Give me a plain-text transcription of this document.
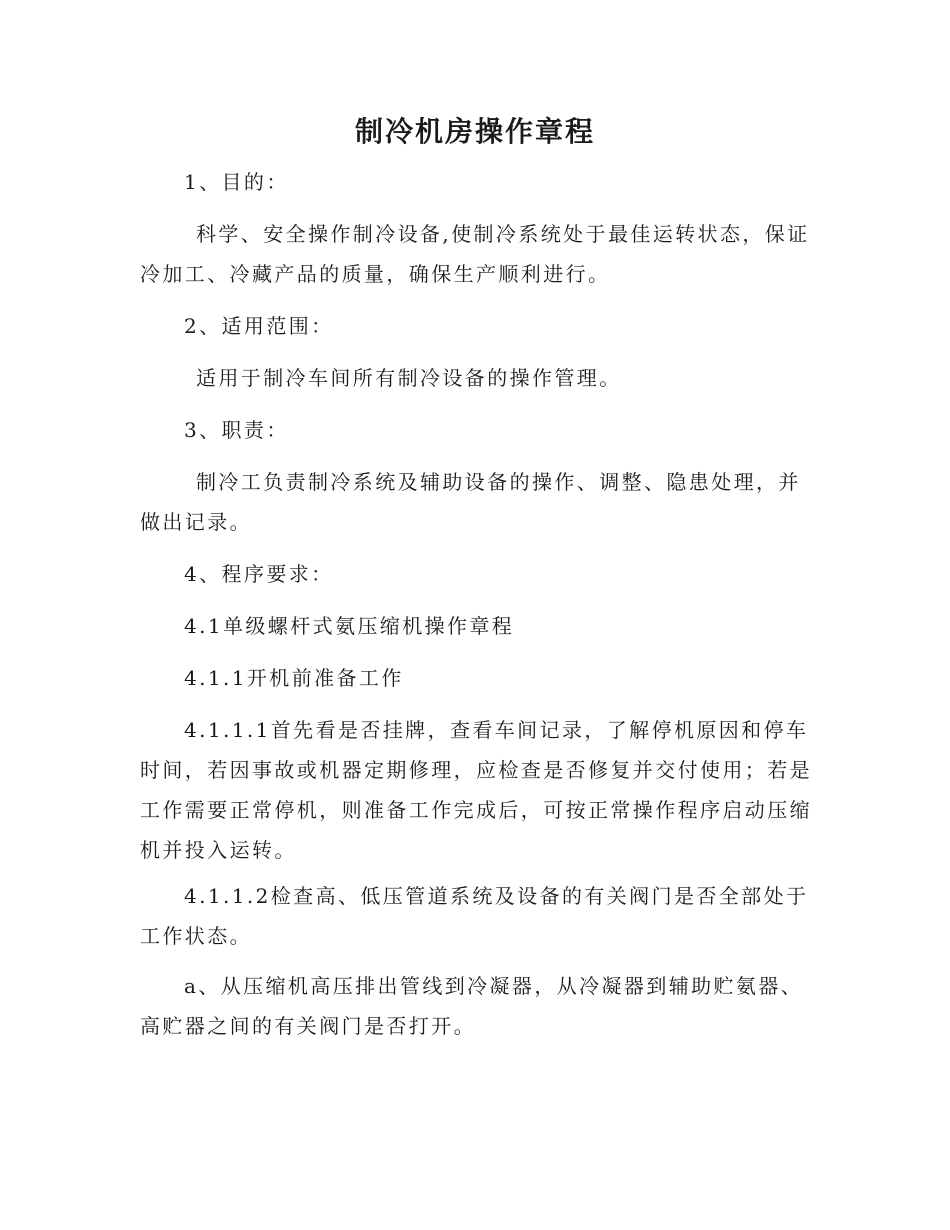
制冷机房操作章程

1、目的：

科学、安全操作制冷设备,使制冷系统处于最佳运转状态，保证冷加工、冷藏产品的质量，确保生产顺利进行。

2、适用范围：

适用于制冷车间所有制冷设备的操作管理。

3、职责：

制冷工负责制冷系统及辅助设备的操作、调整、隐患处理，并做出记录。

4、程序要求：

4.1单级螺杆式氨压缩机操作章程

4.1.1开机前准备工作

4.1.1.1首先看是否挂牌，查看车间记录，了解停机原因和停车时间，若因事故或机器定期修理，应检查是否修复并交付使用；若是工作需要正常停机，则准备工作完成后，可按正常操作程序启动压缩机并投入运转。

4.1.1.2检查高、低压管道系统及设备的有关阀门是否全部处于工作状态。

a、从压缩机高压排出管线到冷凝器，从冷凝器到辅助贮氨器、高贮器之间的有关阀门是否打开。
